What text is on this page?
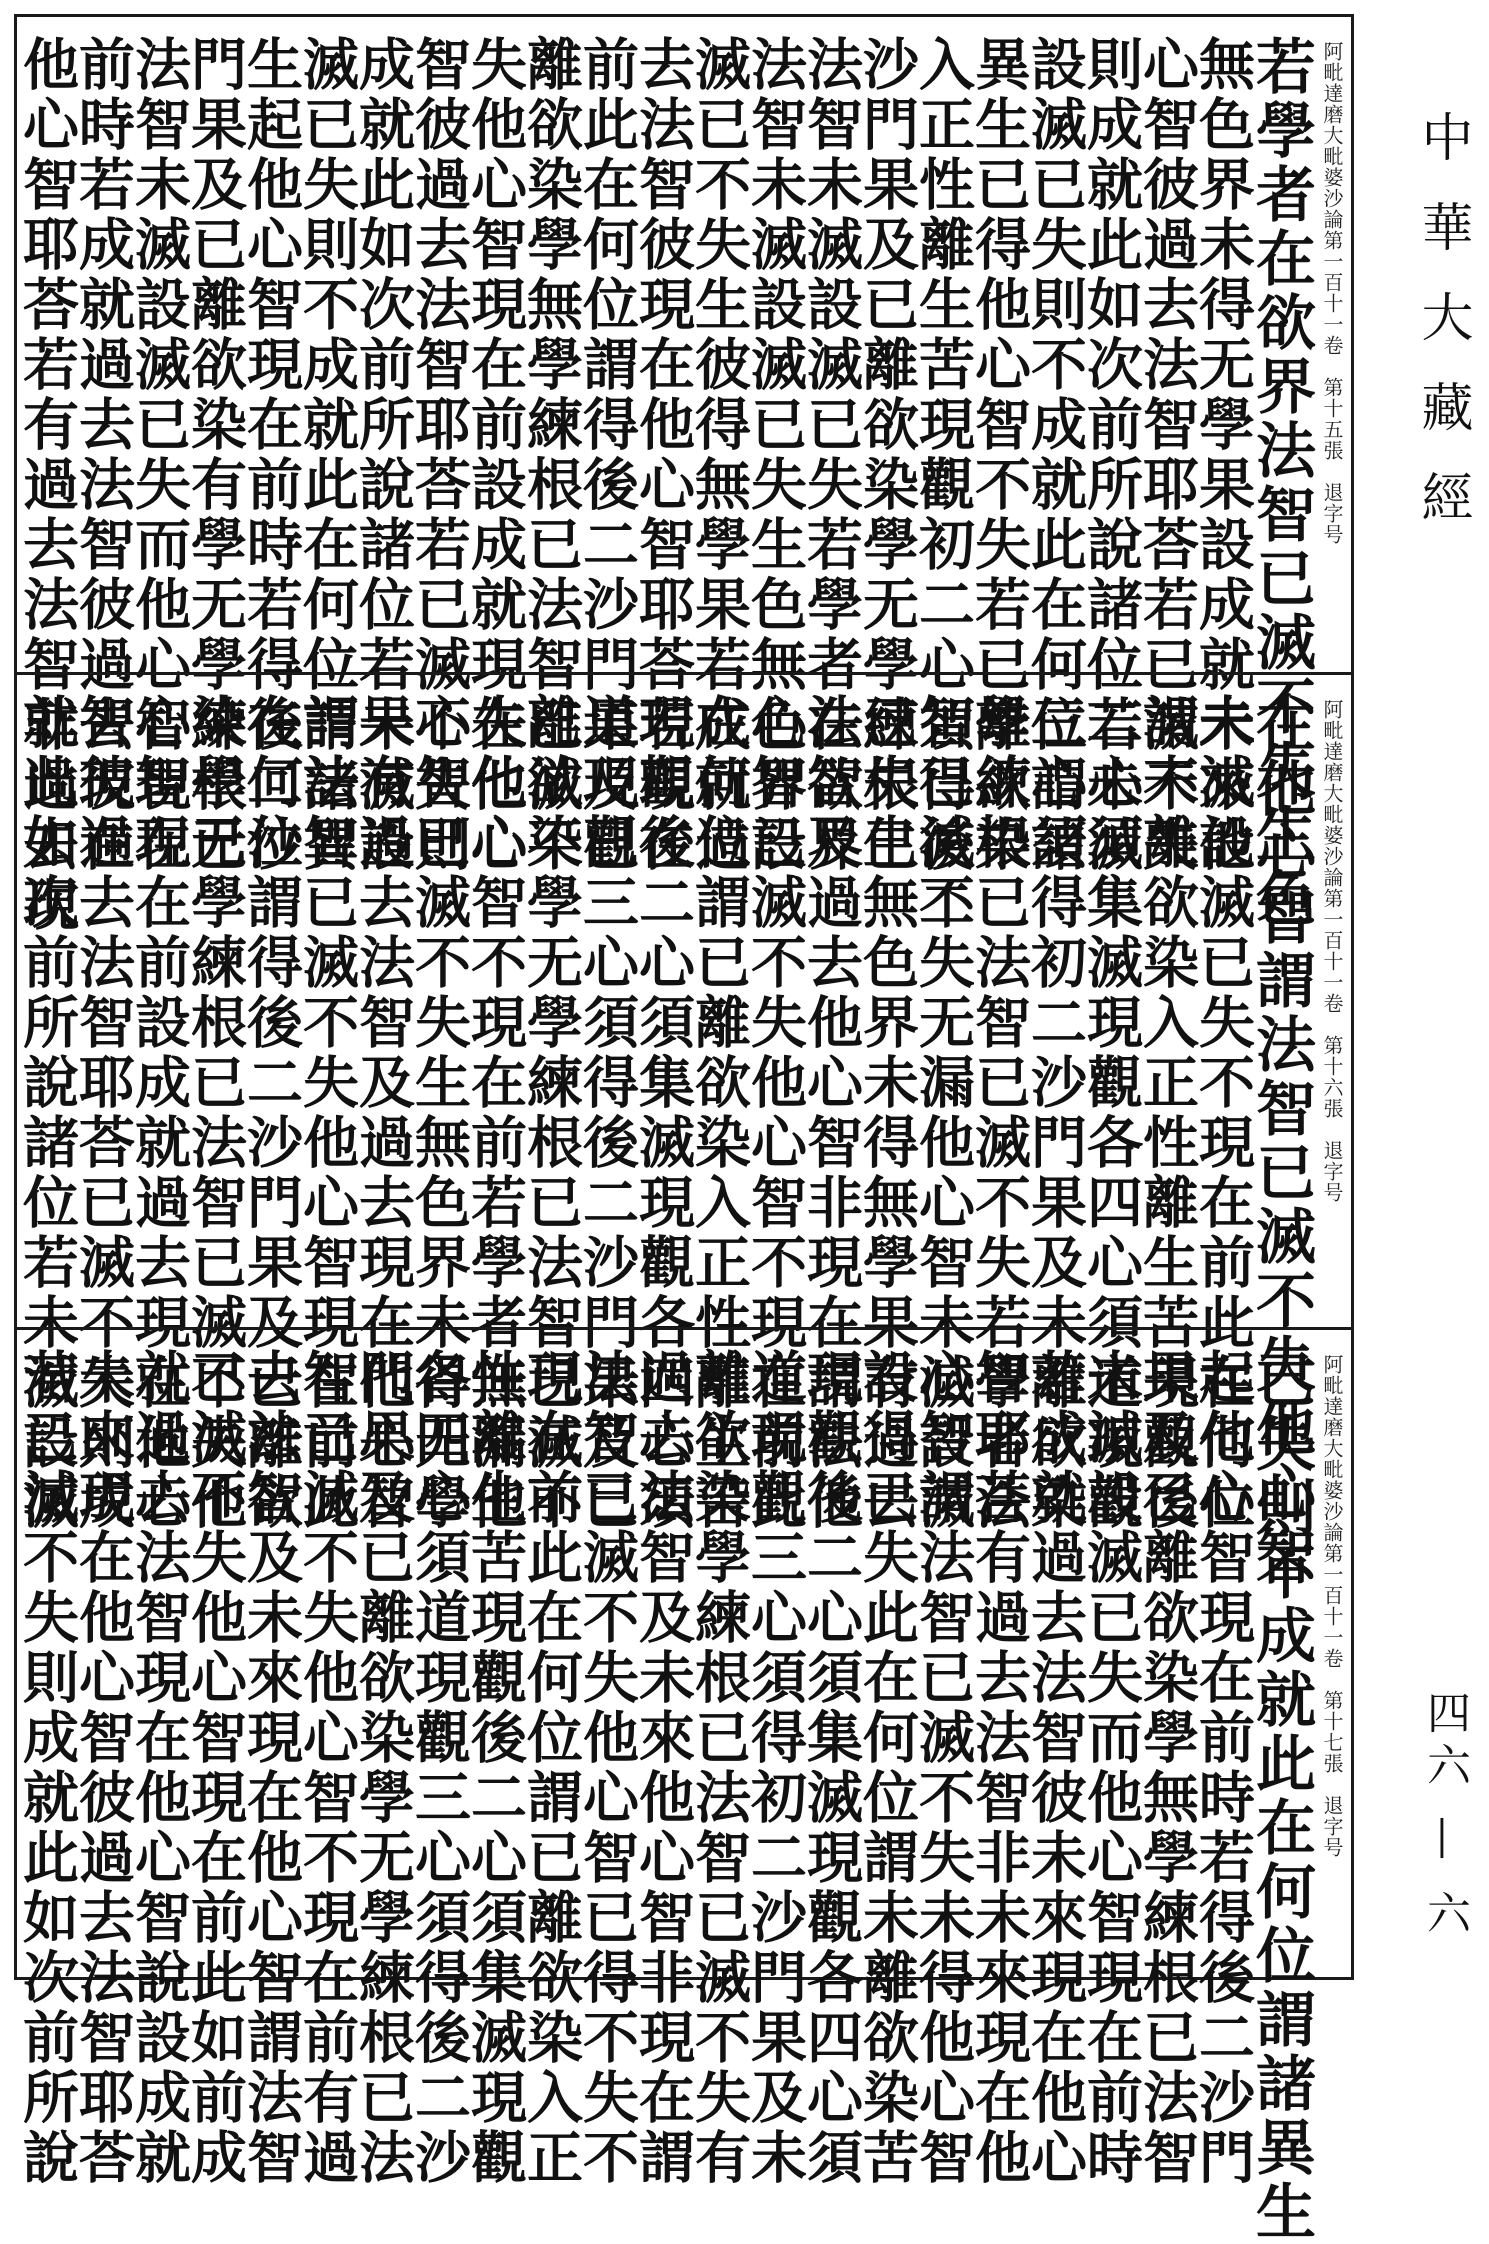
若學者在欲界法智已滅不失生色
無色界未得无學果設成就未來他
心智彼過去法智耶荅若已滅不失
則成就此如次前所說諸位若未滅
設滅已失則不成就此在何位謂諸
異生已得他心智不失若已離欲染
入正性離生苦現觀初二心須得後二
沙門果及已離欲染學无學練根已
法智未滅設滅已失若學者在欲界
法智未滅設滅已失生色無色界設
滅已不失生彼得無學果若成就過
去法智彼現在他心智耶荅若現在
前此在何位謂得後二沙門果及已
離欲染學無學練根已法智已滅不
失他心智現在前設成就現在他心
智彼過去法智耶荅若已滅不失則
成就此如次前所說諸位若未滅設
滅已失則不成就此在何位謂諸異
生起他心智現在前時若得後二沙
門果及已離欲染有學无學練根已
法智未滅設滅已失而他心智現在
前時若成就過去法智彼過去現在
他心智耶荅若有過去法智非過去現	阿毗達磨大毗婆沙論第一百十一卷　第十五張　退字号
在他心智謂法智已滅不失他心智
未滅設滅已失不現在前此在何位
謂未離欲染入正性離生苦現觀後
二心須集滅現觀各四心須道現觀
三心須得初二沙門果及未離欲染
學練根已法智已滅不失若學者法
智已滅不失无漏他心智未滅設滅
已失生無色界未得無學果有過去
法智及過去他心智非現在謂法他
心智已滅不失他心智不現在前此
在何位謂已離欲染入正性離生苦
現觀後二心須集滅現觀各四心須
道現觀三心須得後二沙門果及已
離欲染學无學練根已法智已滅不
失他心智不現在前若學者無漏他
心智已滅不失生無色界未得无學
果有過去法智及過去現在他心智
謂法智已滅不失他心智現在前此
在何位謂得後二沙門果及已離欲
染學无學練根已法智已滅不失他
心智現在前設成就過去現在他心
智彼過去法智耶荅已滅不失則成
就此如次前所說諸位若未滅設滅	阿毗達磨大毗婆沙論第一百十一卷　第十六張　退字号
已失則不成就此在何位謂諸異生
起他心智現在前時若得後二沙門
果及已離欲染學無學練根已法智
未滅設滅已失而他心智現在前時
若成就過去法智彼未來現在他心
智耶荅有過去法智非未來現在他
心智謂法智已滅不失未得他心智
設得已失此在何位謂未離欲染苦
現觀後二心須集滅現觀各四心須
道現觀三心須得初二沙門果及未
離欲染學練根已法智已滅不失有
過去法智及未來他心智非現在謂
法智已滅不失他心智已得不失不
現在前此在何位謂已離欲染入正
性離生苦現觀後二心須集滅現觀
各四心須道現觀三心須得後二沙
門果及已離欲染學无學練根已法
智已滅不失他心智不現在前有過
去法智及未來現在他心智謂法智
已滅不失他心智現在前此如前成
就過去法智現在他心智說設成就
未來現在他心智彼過去法智耶荅
若已滅不失則成就此如次前所說	阿毗達磨大毗婆沙論第一百十一卷　第十七張　退字号
中華大藏經
四六 — 六
